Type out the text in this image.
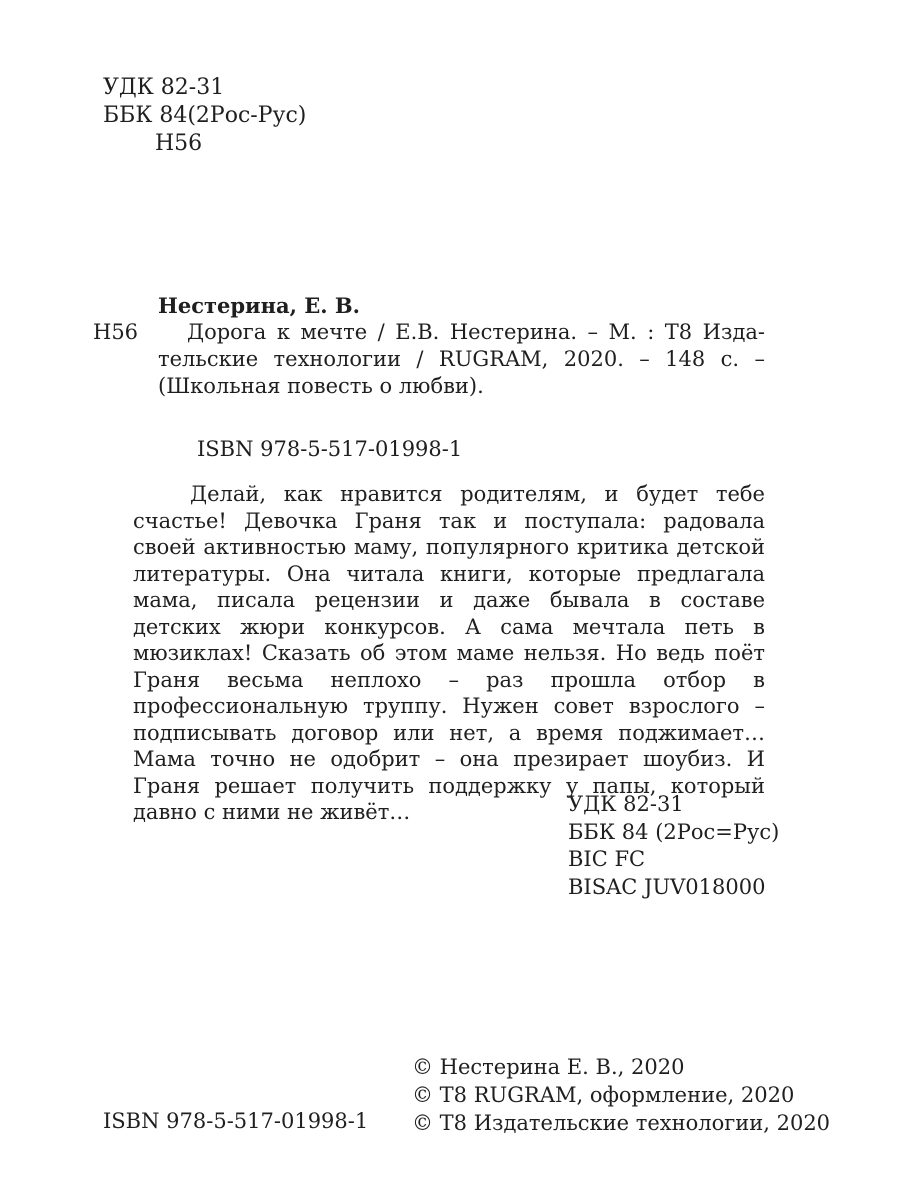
УДК 82-31
ББК 84(2Рос-Рус)
Н56
Нестерина, Е. В.
Н56	Дорога к мечте / Е.В. Нестерина. – М. : Т8 Изда-
тельские технологии / RUGRAM, 2020. – 148 с. –
(Школьная повесть о любви).
ISBN 978-5-517-01998-1

Делай, как нравится родителям, и будет тебе счастье! Девочка Граня так и поступала: радовала своей активностью маму, популярного критика детской литературы. Она читала книги, которые предлагала мама, писала рецензии и даже бывала в составе детских жюри конкурсов. А сама мечтала петь в мюзиклах! Сказать об этом маме нельзя. Но ведь поёт Граня весьма неплохо – раз прошла отбор в профессиональную труппу. Нужен совет взрослого – подписывать договор или нет, а время поджимает… Мама точно не одобрит – она презирает шоубиз. И Граня решает получить поддержку у папы, который давно с ними не живёт…	УДК 82-31
ББК 84 (2Рос=Рус)
BIC FC
BISAC JUV018000
ISBN 978-5-517-01998-1
© Нестерина Е. В., 2020
© Т8 RUGRAM, оформление, 2020
© Т8 Издательские технологии, 2020
